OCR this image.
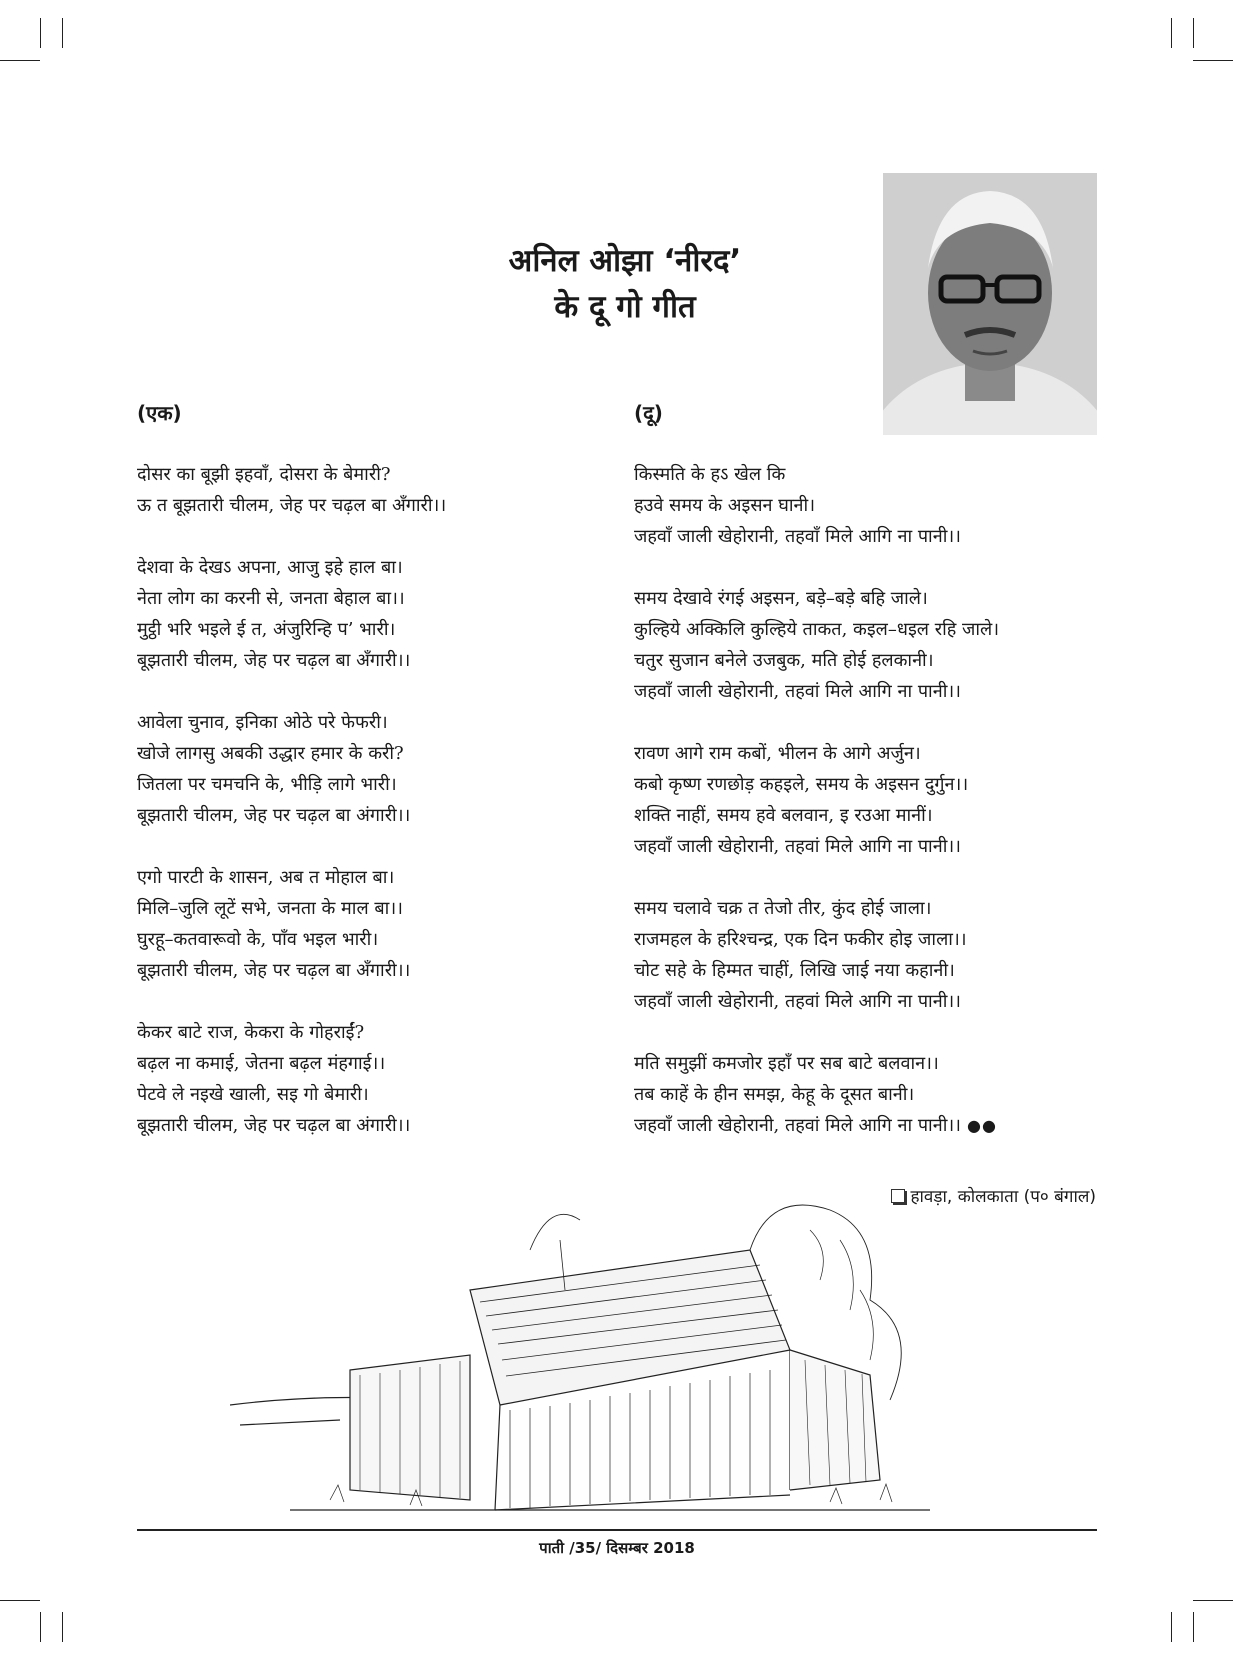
अनिल ओझा ‘नीरद’
के दू गो गीत
(एक)
दोसर का बूझी इहवाँ, दोसरा के बेमारी?
ऊ त बूझतारी चीलम, जेह पर चढ़ल बा अँगारी।।
देशवा के देखऽ अपना, आजु इहे हाल बा।
नेता लोग का करनी से, जनता बेहाल बा।।
मुट्ठी भरि भइले ई त, अंजुरिन्हि प’ भारी।
बूझतारी चीलम, जेह पर चढ़ल बा अँगारी।।
आवेला चुनाव, इनिका ओठे परे फेफरी।
खोजे लागसु अबकी उद्धार हमार के करी?
जितला पर चमचनि के, भीड़ि लागे भारी।
बूझतारी चीलम, जेह पर चढ़ल बा अंगारी।।
एगो पारटी के शासन, अब त मोहाल बा।
मिलि–जुलि लूटें सभे, जनता के माल बा।।
घुरहू–कतवारूवो के, पाँव भइल भारी।
बूझतारी चीलम, जेह पर चढ़ल बा अँगारी।।
केकर बाटे राज, केकरा के गोहराईं?
बढ़ल ना कमाई, जेतना बढ़ल मंहगाई।।
पेटवे ले नइखे खाली, सइ गो बेमारी।
बूझतारी चीलम, जेह पर चढ़ल बा अंगारी।।
(दू)
किस्मति के हऽ खेल कि
हउवे समय के अइसन घानी।
जहवाँ जाली खेहोरानी, तहवाँ मिले आगि ना पानी।।
समय देखावे रंगई अइसन, बड़े–बड़े बहि जाले।
कुल्हिये अक्किलि कुल्हिये ताकत, कइल–धइल रहि जाले।
चतुर सुजान बनेले उजबुक, मति होई हलकानी।
जहवाँ जाली खेहोरानी, तहवां मिले आगि ना पानी।।
रावण आगे राम कबों, भीलन के आगे अर्जुन।
कबो कृष्ण रणछोड़ कहइले, समय के अइसन दुर्गुन।।
शक्ति नाहीं, समय हवे बलवान, इ रउआ मानीं।
जहवाँ जाली खेहोरानी, तहवां मिले आगि ना पानी।।
समय चलावे चक्र त तेजो तीर, कुंद होई जाला।
राजमहल के हरिश्चन्द्र, एक दिन फकीर होइ जाला।।
चोट सहे के हिम्मत चाहीं, लिखि जाई नया कहानी।
जहवाँ जाली खेहोरानी, तहवां मिले आगि ना पानी।।
मति समुझीं कमजोर इहाँ पर सब बाटे बलवान।।
तब काहें के हीन समझ, केहू के दूसत बानी।
जहवाँ जाली खेहोरानी, तहवां मिले आगि ना पानी।। ●●
हावड़ा, कोलकाता (प० बंगाल)
पाती /35/ दिसम्बर 2018
